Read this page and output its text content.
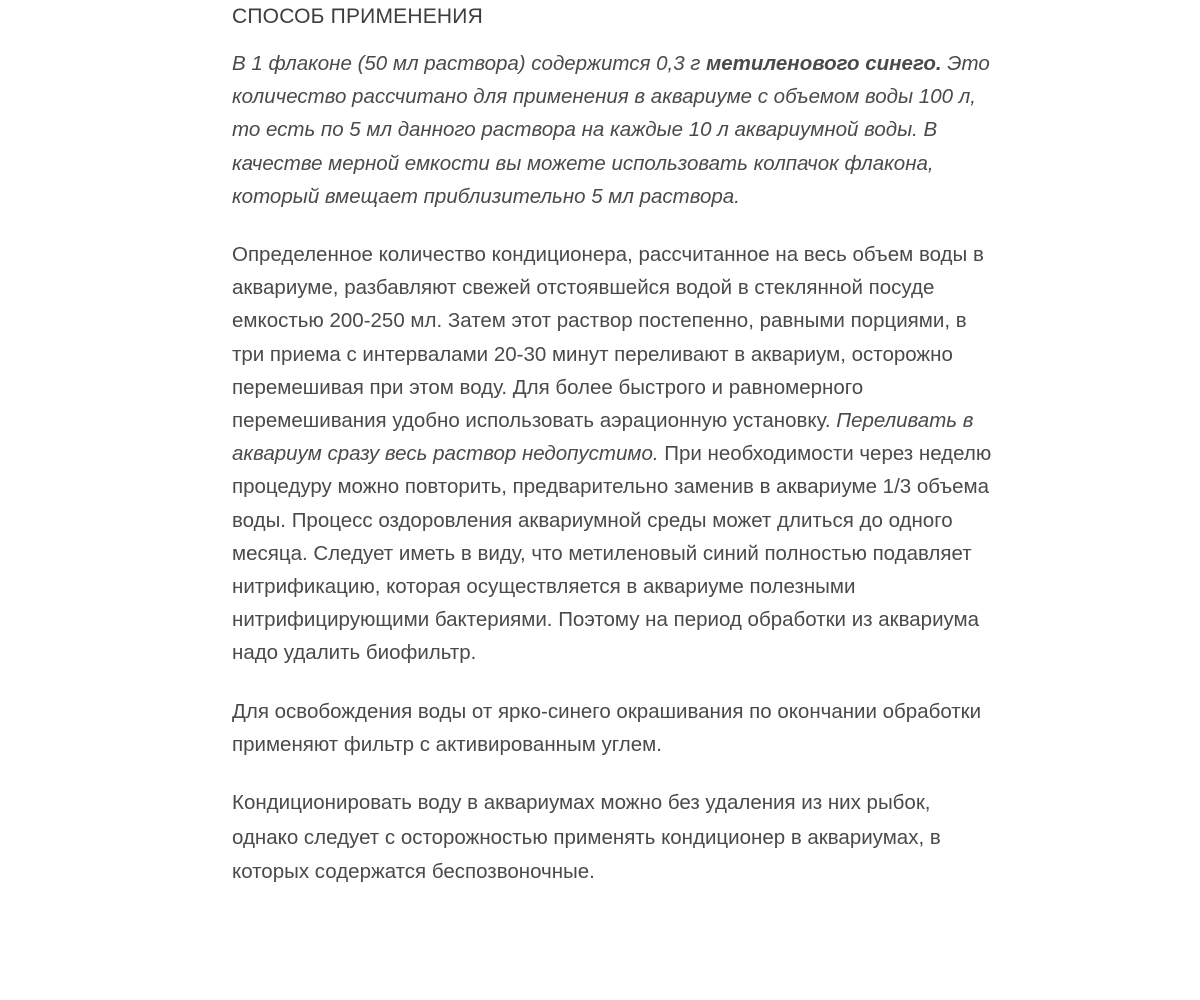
СПОСОБ ПРИМЕНЕНИЯ

В 1 флаконе (50 мл раствора) содержится 0,3 г метиленового синего. Это количество рассчитано для применения в аквариуме с объемом воды 100 л, то есть по 5 мл данного раствора на каждые 10 л аквариумной воды. В качестве мерной емкости вы можете использовать колпачок флакона, который вмещает приблизительно 5 мл раствора.

Определенное количество кондиционера, рассчитанное на весь объем воды в аквариуме, разбавляют свежей отстоявшейся водой в стеклянной посуде емкостью 200-250 мл. Затем этот раствор постепенно, равными порциями, в три приема с интервалами 20-30 минут переливают в аквариум, осторожно перемешивая при этом воду. Для более быстрого и равномерного перемешивания удобно использовать аэрационную установку. Переливать в аквариум сразу весь раствор недопустимо. При необходимости через неделю процедуру можно повторить, предварительно заменив в аквариуме 1/3 объема воды. Процесс оздоровления аквариумной среды может длиться до одного месяца. Следует иметь в виду, что метиленовый синий полностью подавляет нитрификацию, которая осуществляется в аквариуме полезными нитрифицирующими бактериями. Поэтому на период обработки из аквариума надо удалить биофильтр.

Для освобождения воды от ярко-синего окрашивания по окончании обработки применяют фильтр с активированным углем.

Кондиционировать воду в аквариумах можно без удаления из них рыбок, однако следует с осторожностью применять кондиционер в аквариумах, в которых содержатся беспозвоночные.
